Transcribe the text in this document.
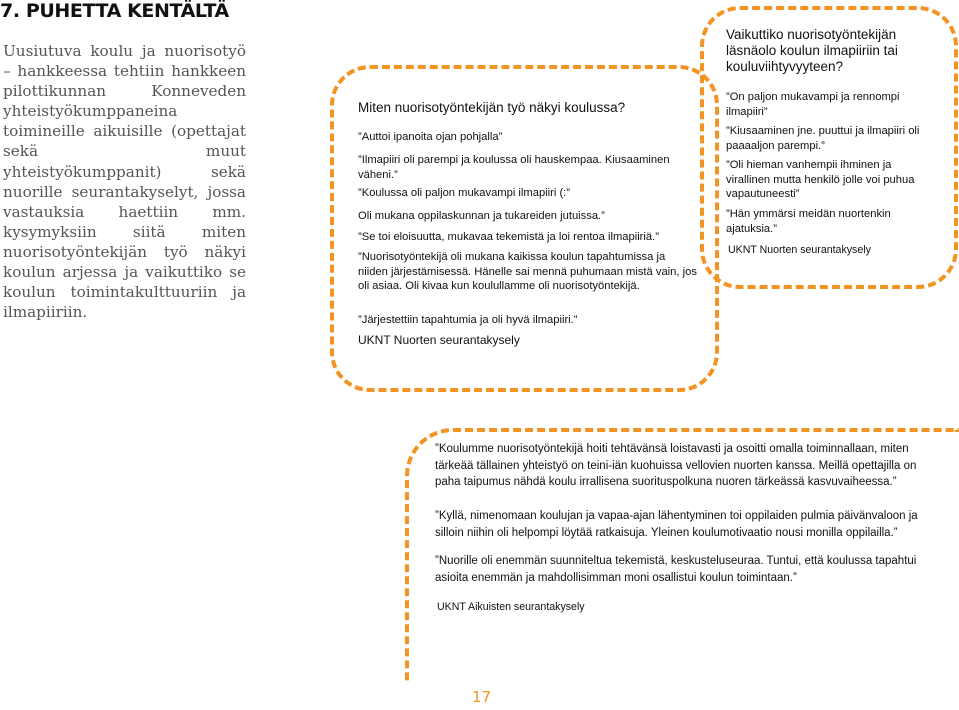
7. PUHETTA KENTÄLTÄ
Uusiutuva koulu ja nuorisotyö – hankkeessa tehtiin hankkeen pilottikunnan Konnevеden yhteistyökumppaneina toimineille aikuisille (opettajat sekä muut yhteistyökumppanit) sekä nuorille seurantakyselyt, jossa vastauksia haettiin mm. kysymyksiin siitä miten nuorisotyöntekijän työ näkyi koulun arjessa ja vaikuttiko se koulun toimintakulttuuriin ja ilmapiiriin.
Miten nuorisotyöntekijän työ näkyi koulussa?
”Auttoi ipanoita ojan pohjalla”
”Ilmapiiri oli parempi ja koulussa oli hauskempaa. Kiusaaminen väheni.”
”Koulussa oli paljon mukavampi ilmapiiri (:”
Oli mukana oppilaskunnan ja tukareiden jutuissa.”
”Se toi eloisuutta, mukavaa tekemistä ja loi rentoa ilmapiiriä.”
”Nuorisotyöntekijä oli mukana kaikissa koulun tapahtumissa ja niiden järjestämisessä. Hänelle sai mennä puhumaan mistä vain, jos oli asiaa. Oli kivaa kun koulullamme oli nuorisotyöntekijä.
”Järjestettiin tapahtumia ja oli hyvä ilmapiiri.”
UKNT Nuorten seurantakysely
Vaikuttiko nuorisotyöntekijän läsnäolo koulun ilmapiiriin tai kouluviihtyvyyteen?
”On paljon mukavampi ja rennompi ilmapiiri”
”Kiusaaminen jne. puuttui ja ilmapiiri oli paaaaljon parempi.”
”Oli hieman vanhempii ihminen ja virallinen mutta henkilö jolle voi puhua vapautuneesti”
”Hän ymmärsi meidän nuortenkin ajatuksia.”
UKNT Nuorten seurantakysely
”Koulumme nuorisotyöntekijä hoiti tehtävänsä loistavasti ja osoitti omalla toiminnallaan, miten tärkeää tällainen yhteistyö on teini-iän kuohuissa vellovien nuorten kanssa. Meillä opettajilla on paha taipumus nähdä koulu irrallisena suorituspolkuna nuoren tärkeässä kasvuvaiheessa.”
”Kyllä, nimenomaan koulujan ja vapaa-ajan lähentyminen toi oppilaiden pulmia päivänvaloon ja silloin niihin oli helpompi löytää ratkaisuja. Yleinen koulumotivaatio nousi monilla oppilailla.”
”Nuorille oli enemmän suunniteltua tekemistä, keskusteluseuraa. Tuntui, että koulussa tapahtui asioita enemmän ja mahdollisimman moni osallistui koulun toimintaan.”
UKNT Aikuisten seurantakysely
17
